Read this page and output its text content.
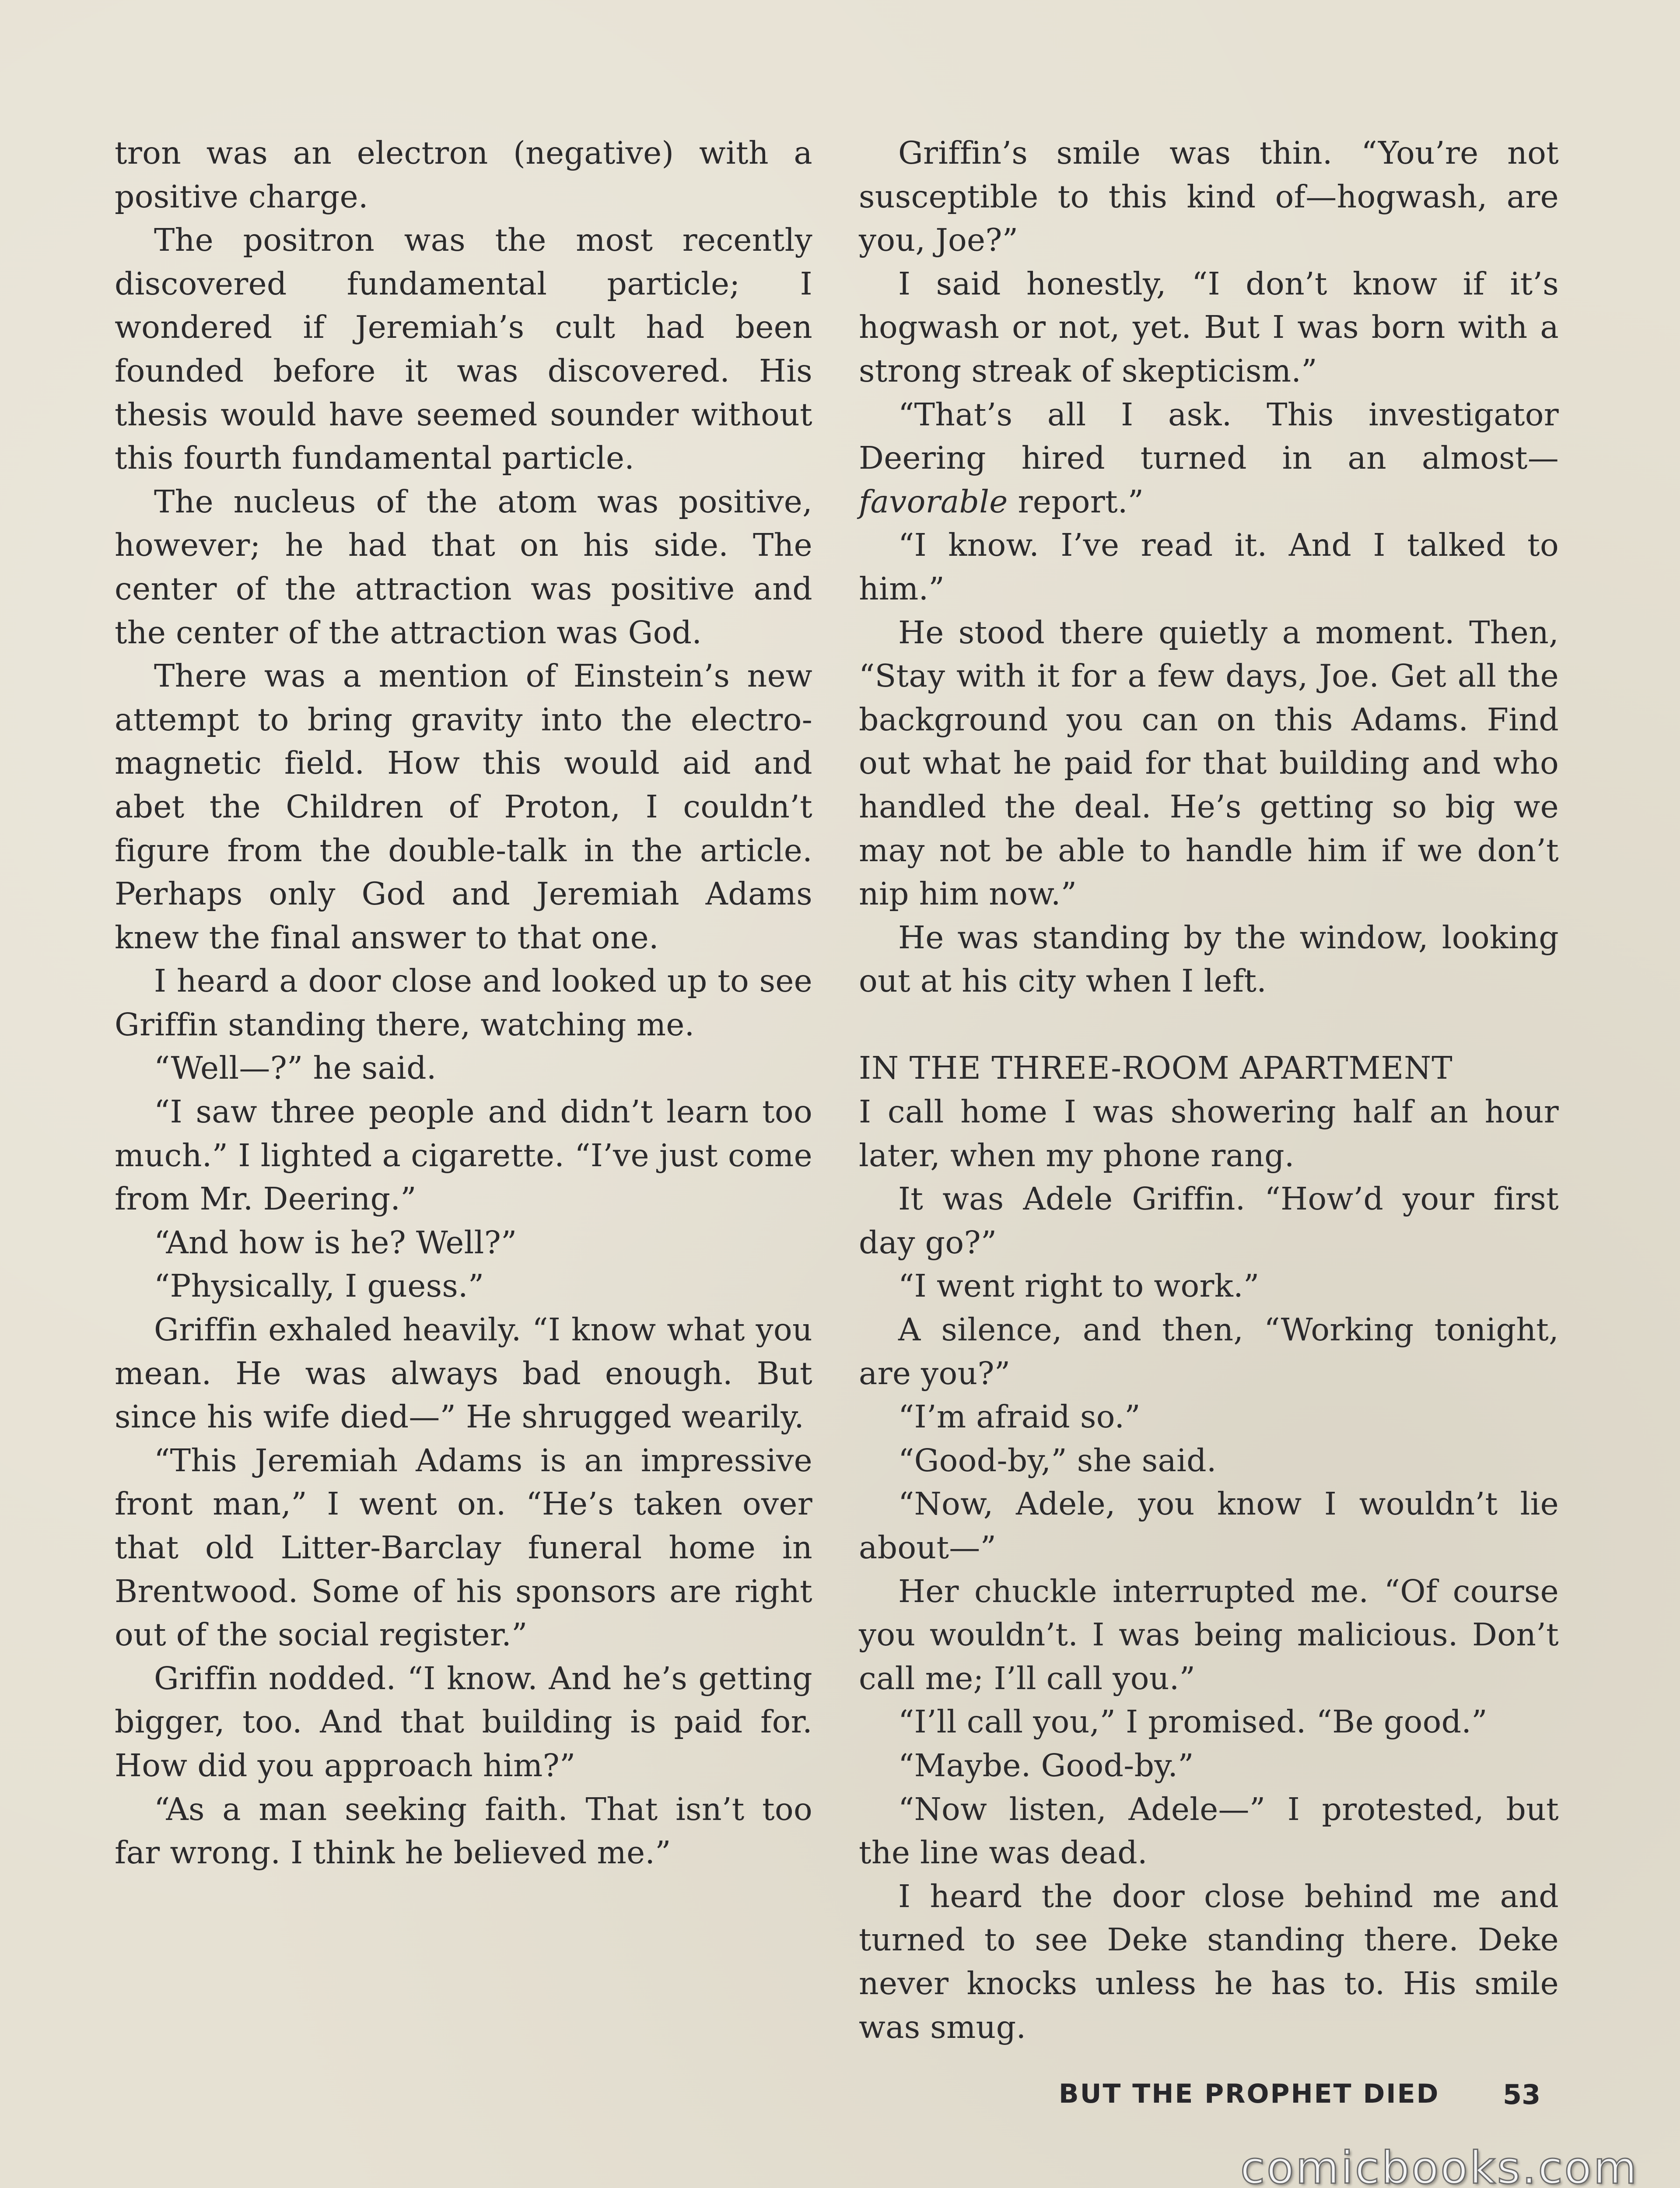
tron was an electron (negative) with a positive charge.

The positron was the most recently discovered fundamental particle; I wondered if Jeremiah’s cult had been founded before it was discovered. His thesis would have seemed sounder without this fourth fundamental particle.

The nucleus of the atom was positive, however; he had that on his side. The center of the attraction was positive and the center of the attraction was God.

There was a mention of Einstein’s new attempt to bring gravity into the electro-magnetic field. How this would aid and abet the Children of Proton, I couldn’t figure from the double-talk in the article. Perhaps only God and Jeremiah Adams knew the final answer to that one.

I heard a door close and looked up to see Griffin standing there, watching me.

“Well—?” he said.

“I saw three people and didn’t learn too much.” I lighted a cigarette. “I’ve just come from Mr. Deering.”

“And how is he? Well?”

“Physically, I guess.”

Griffin exhaled heavily. “I know what you mean. He was always bad enough. But since his wife died—” He shrugged wearily.

“This Jeremiah Adams is an impressive front man,” I went on. “He’s taken over that old Litter-Barclay funeral home in Brentwood. Some of his sponsors are right out of the social register.”

Griffin nodded. “I know. And he’s getting bigger, too. And that building is paid for. How did you approach him?”

“As a man seeking faith. That isn’t too far wrong. I think he believed me.”

Griffin’s smile was thin. “You’re not susceptible to this kind of—hogwash, are you, Joe?”

I said honestly, “I don’t know if it’s hogwash or not, yet. But I was born with a strong streak of skepticism.”

“That’s all I ask. This investigator Deering hired turned in an almost— favorable report.”

“I know. I’ve read it. And I talked to him.”

He stood there quietly a moment. Then, “Stay with it for a few days, Joe. Get all the background you can on this Adams. Find out what he paid for that building and who handled the deal. He’s getting so big we may not be able to handle him if we don’t nip him now.”

He was standing by the window, looking out at his city when I left.

IN THE THREE-ROOM APARTMENT

I call home I was showering half an hour later, when my phone rang.

It was Adele Griffin. “How’d your first day go?”

“I went right to work.”

A silence, and then, “Working tonight, are you?”

“I’m afraid so.”

“Good-by,” she said.

“Now, Adele, you know I wouldn’t lie about—”

Her chuckle interrupted me. “Of course you wouldn’t. I was being malicious. Don’t call me; I’ll call you.”

“I’ll call you,” I promised. “Be good.”

“Maybe. Good-by.”

“Now listen, Adele—” I protested, but the line was dead.

I heard the door close behind me and turned to see Deke standing there. Deke never knocks unless he has to. His smile was smug.

BUT THE PROPHET DIED 53
comicbooks.com
